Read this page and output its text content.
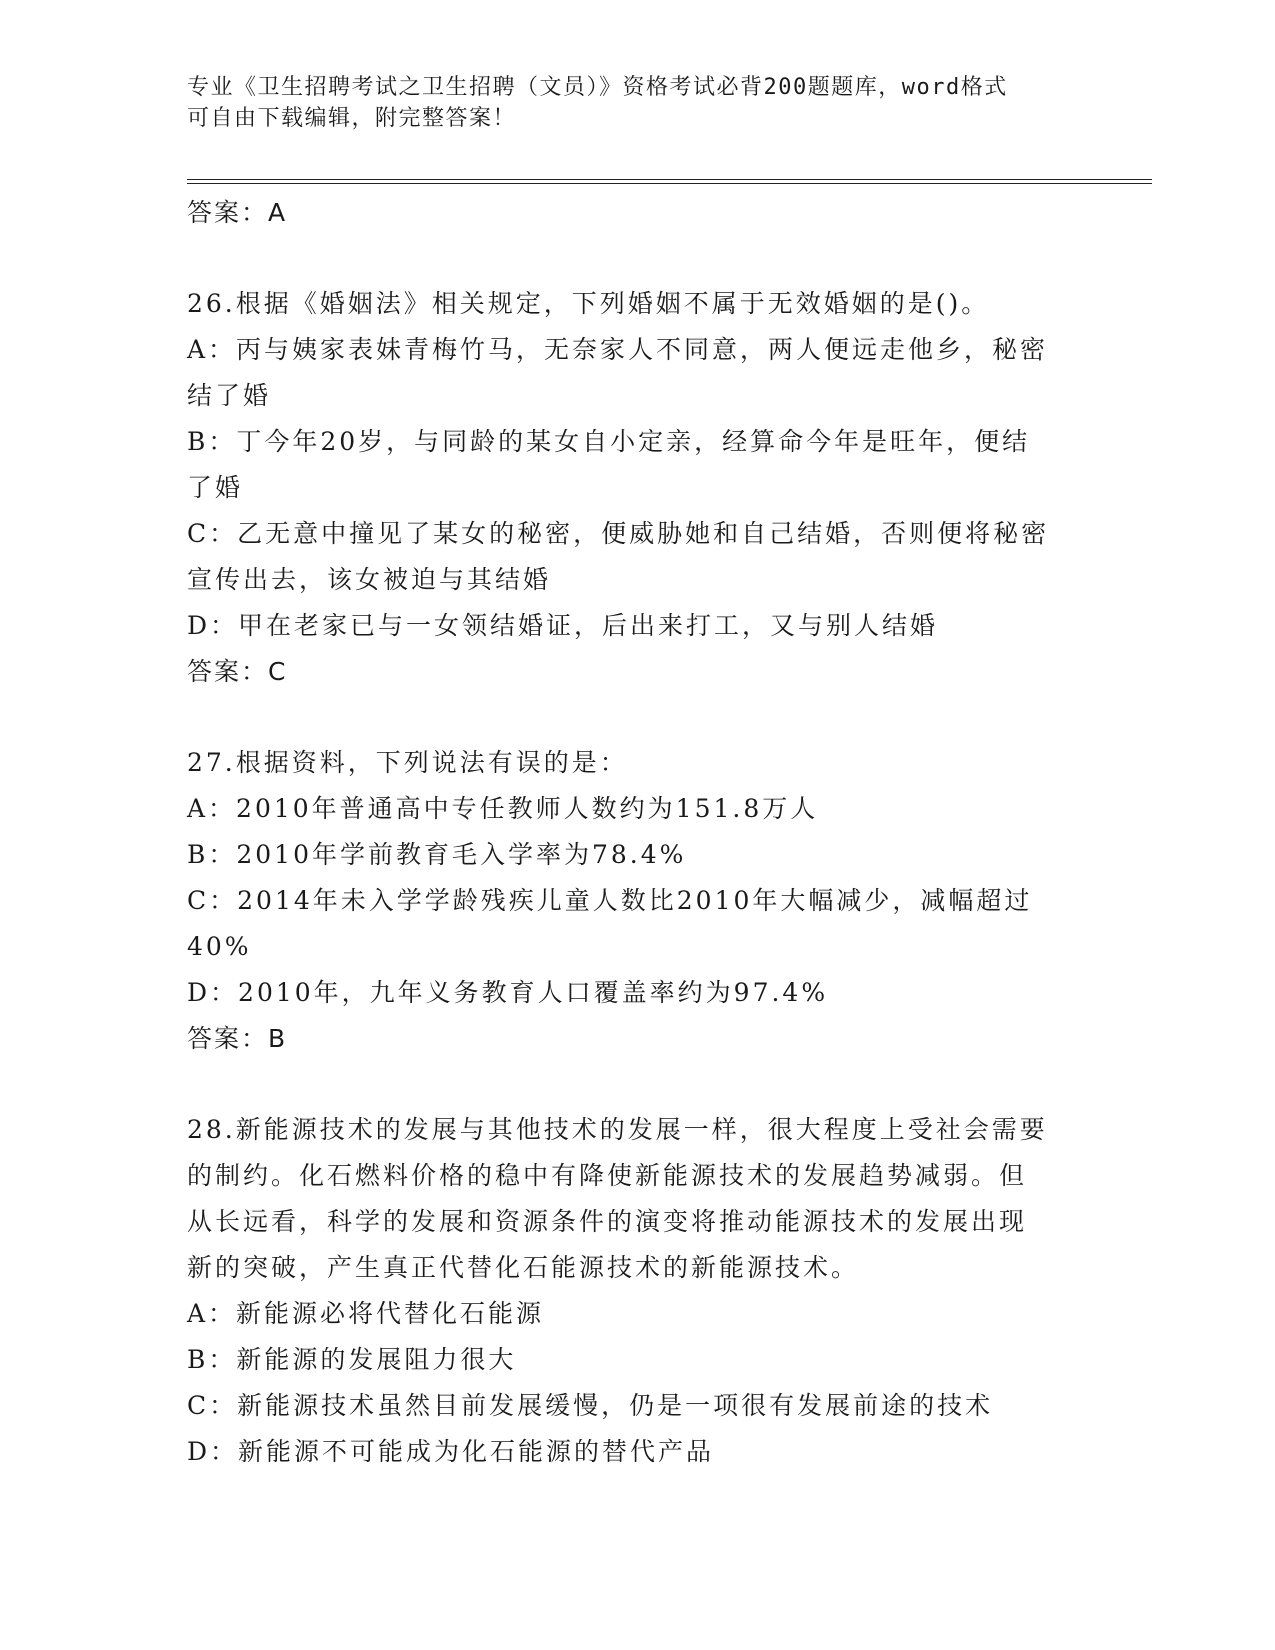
专业《卫生招聘考试之卫生招聘（文员）》资格考试必背200题题库，word格式
可自由下载编辑，附完整答案！
答案：A
26.根据《婚姻法》相关规定，下列婚姻不属于无效婚姻的是()。
A：丙与姨家表妹青梅竹马，无奈家人不同意，两人便远走他乡，秘密
结了婚
B：丁今年20岁，与同龄的某女自小定亲，经算命今年是旺年，便结
了婚
C：乙无意中撞见了某女的秘密，便威胁她和自己结婚，否则便将秘密
宣传出去，该女被迫与其结婚
D：甲在老家已与一女领结婚证，后出来打工，又与别人结婚
答案：C
27.根据资料，下列说法有误的是：
A：2010年普通高中专任教师人数约为151.8万人
B：2010年学前教育毛入学率为78.4%
C：2014年未入学学龄残疾儿童人数比2010年大幅减少，减幅超过
40%
D：2010年，九年义务教育人口覆盖率约为97.4%
答案：B
28.新能源技术的发展与其他技术的发展一样，很大程度上受社会需要
的制约。化石燃料价格的稳中有降使新能源技术的发展趋势减弱。但
从长远看，科学的发展和资源条件的演变将推动能源技术的发展出现
新的突破，产生真正代替化石能源技术的新能源技术。
A：新能源必将代替化石能源
B：新能源的发展阻力很大
C：新能源技术虽然目前发展缓慢，仍是一项很有发展前途的技术
D：新能源不可能成为化石能源的替代产品
